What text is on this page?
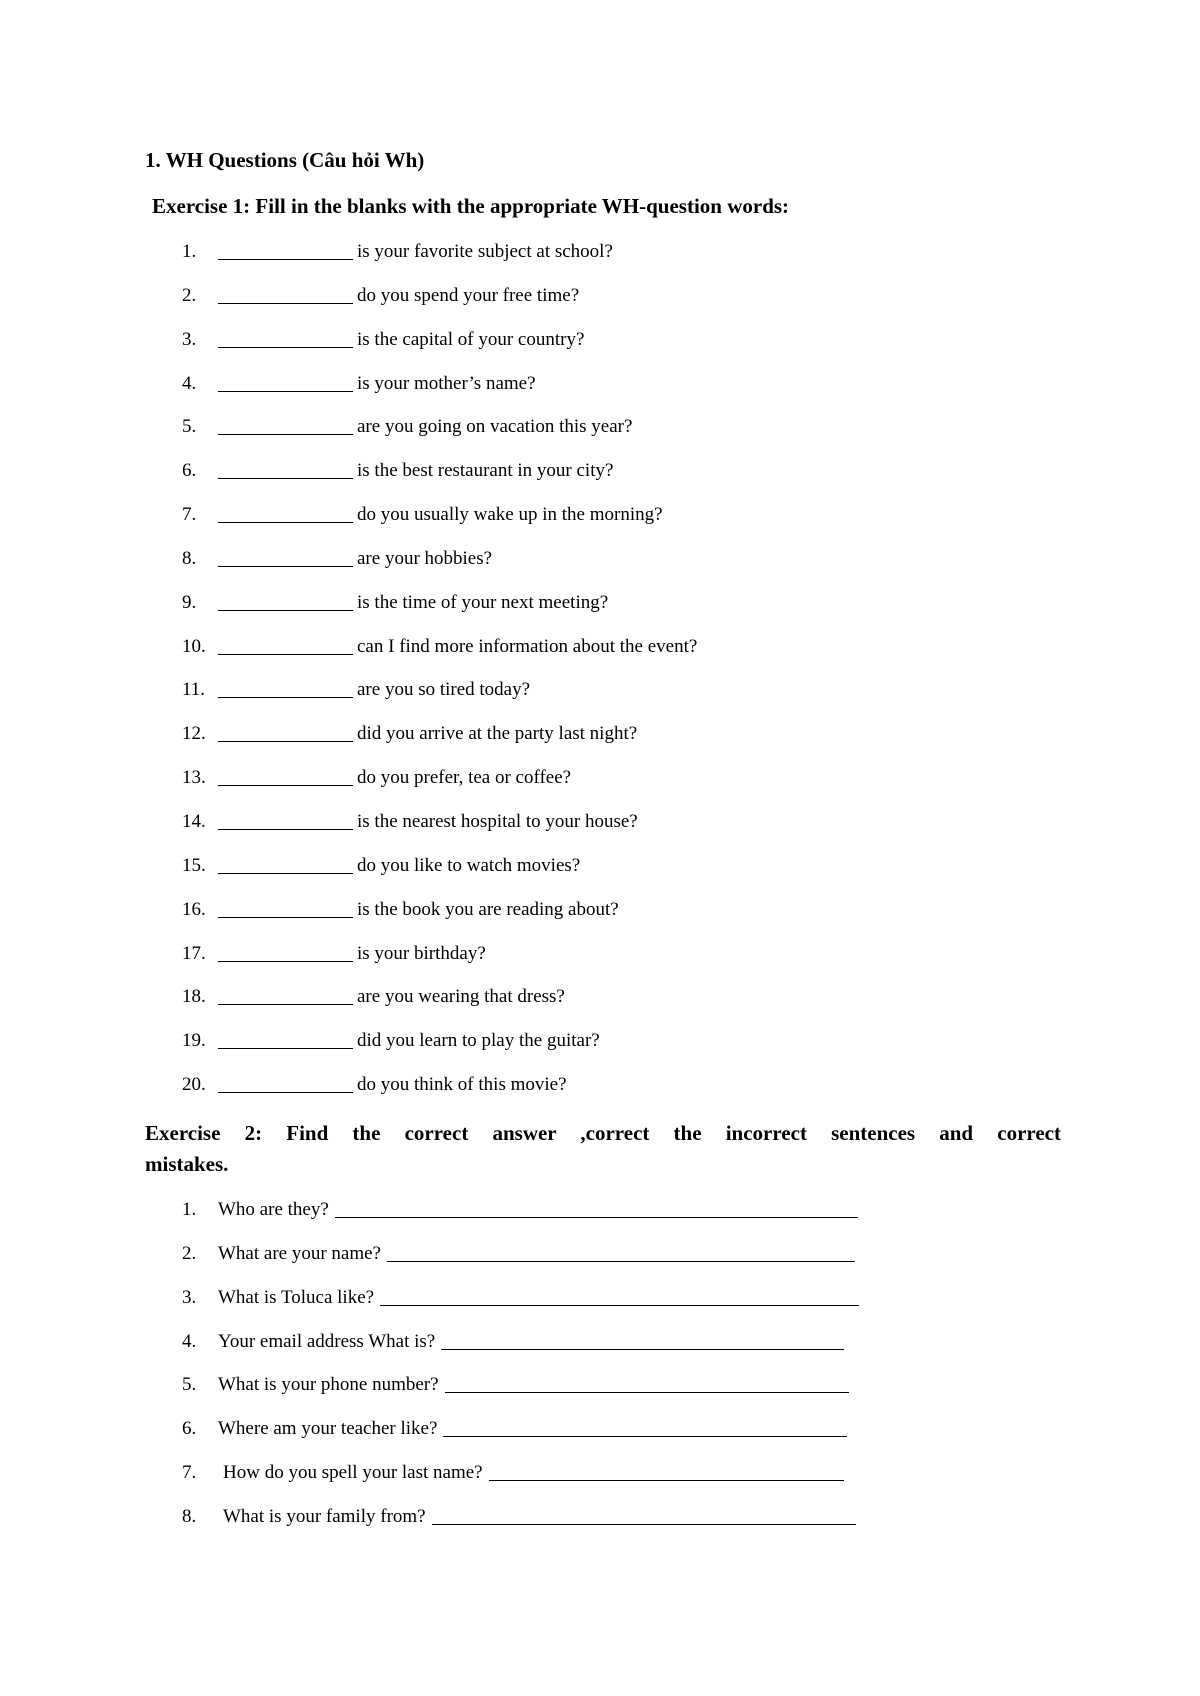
1. WH Questions (Câu hỏi Wh)
Exercise 1: Fill in the blanks with the appropriate WH-question words:
1.	is your favorite subject at school?
2.	do you spend your free time?
3.	is the capital of your country?
4.	is your mother’s name?
5.	are you going on vacation this year?
6.	is the best restaurant in your city?
7.	do you usually wake up in the morning?
8.	are your hobbies?
9.	is the time of your next meeting?
10.	can I find more information about the event?
11.	are you so tired today?
12.	did you arrive at the party last night?
13.	do you prefer, tea or coffee?
14.	is the nearest hospital to your house?
15.	do you like to watch movies?
16.	is the book you are reading about?
17.	is your birthday?
18.	are you wearing that dress?
19.	did you learn to play the guitar?
20.	do you think of this movie?
Exercise 2: Find the correct answer ,correct the incorrect sentences and correct mistakes.
1.	Who are they?
2.	What are your name?
3.	What is Toluca like?
4.	Your email address What is?
5.	What is your phone number?
6.	Where am your teacher like?
7.	How do you spell your last name?
8.	What is your family from?
